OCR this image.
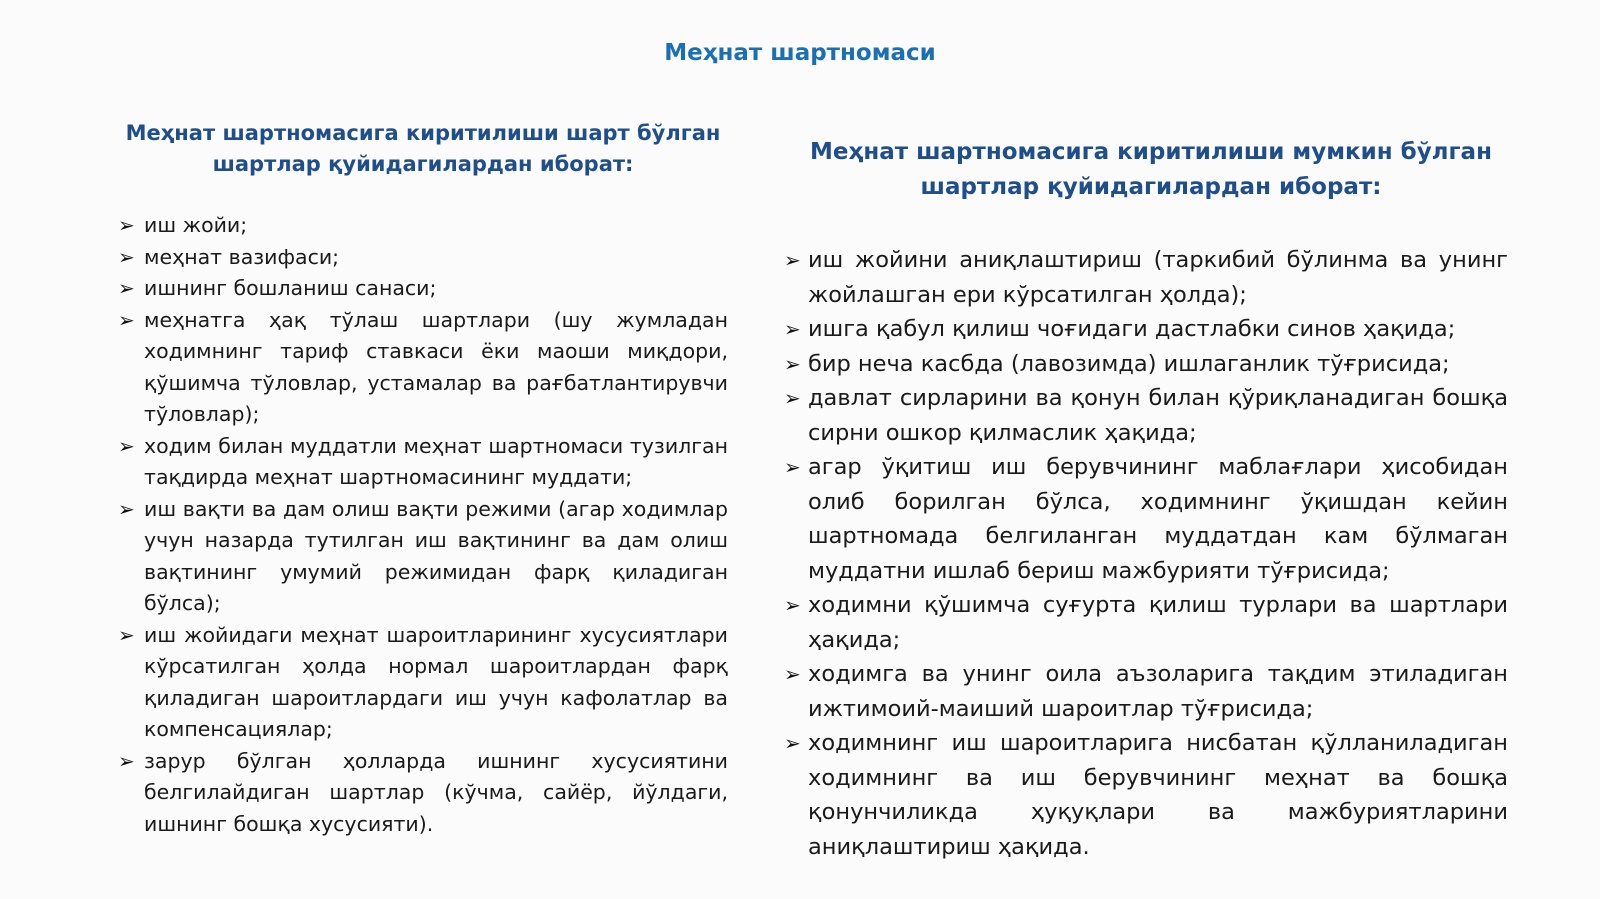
Меҳнат шартномаси
Меҳнат шартномасига киритилиши шарт бўлган шартлар қуйидагилардан иборат:
➢ иш жойи;
➢ меҳнат вазифаси;
➢ ишнинг бошланиш санаси;
➢ меҳнатга ҳақ тўлаш шартлари (шу жумладан ходимнинг тариф ставкаси ёки маоши миқдори, қўшимча тўловлар, устамалар ва рағбатлантирувчи тўловлар);
➢ ходим билан муддатли меҳнат шартномаси тузилган тақдирда меҳнат шартномасининг муддати;
➢ иш вақти ва дам олиш вақти режими (агар ходимлар учун назарда тутилган иш вақтининг ва дам олиш вақтининг умумий режимидан фарқ қиладиган бўлса);
➢ иш жойидаги меҳнат шароитларининг хусусиятлари кўрсатилган ҳолда нормал шароитлардан фарқ қиладиган шароитлардаги иш учун кафолатлар ва компенсациялар;
➢ зарур бўлган ҳолларда ишнинг хусусиятини белгилайдиган шартлар (кўчма, сайёр, йўлдаги, ишнинг бошқа хусусияти).
Меҳнат шартномасига киритилиши мумкин бўлган шартлар қуйидагилардан иборат:
➢ иш жойини аниқлаштириш (таркибий бўлинма ва унинг жойлашган ери кўрсатилган ҳолда);
➢ ишга қабул қилиш чоғидаги дастлабки синов ҳақида;
➢ бир неча касбда (лавозимда) ишлаганлик тўғрисида;
➢ давлат сирларини ва қонун билан қўриқланадиган бошқа сирни ошкор қилмаслик ҳақида;
➢ агар ўқитиш иш берувчининг маблағлари ҳисобидан олиб борилган бўлса, ходимнинг ўқишдан кейин шартномада белгиланган муддатдан кам бўлмаган муддатни ишлаб бериш мажбурияти тўғрисида;
➢ ходимни қўшимча суғурта қилиш турлари ва шартлари ҳақида;
➢ ходимга ва унинг оила аъзоларига тақдим этиладиган ижтимоий-маиший шароитлар тўғрисида;
➢ ходимнинг иш шароитларига нисбатан қўлланиладиган ходимнинг ва иш берувчининг меҳнат ва бошқа қонунчиликда ҳуқуқлари ва мажбуриятларини аниқлаштириш ҳақида.
